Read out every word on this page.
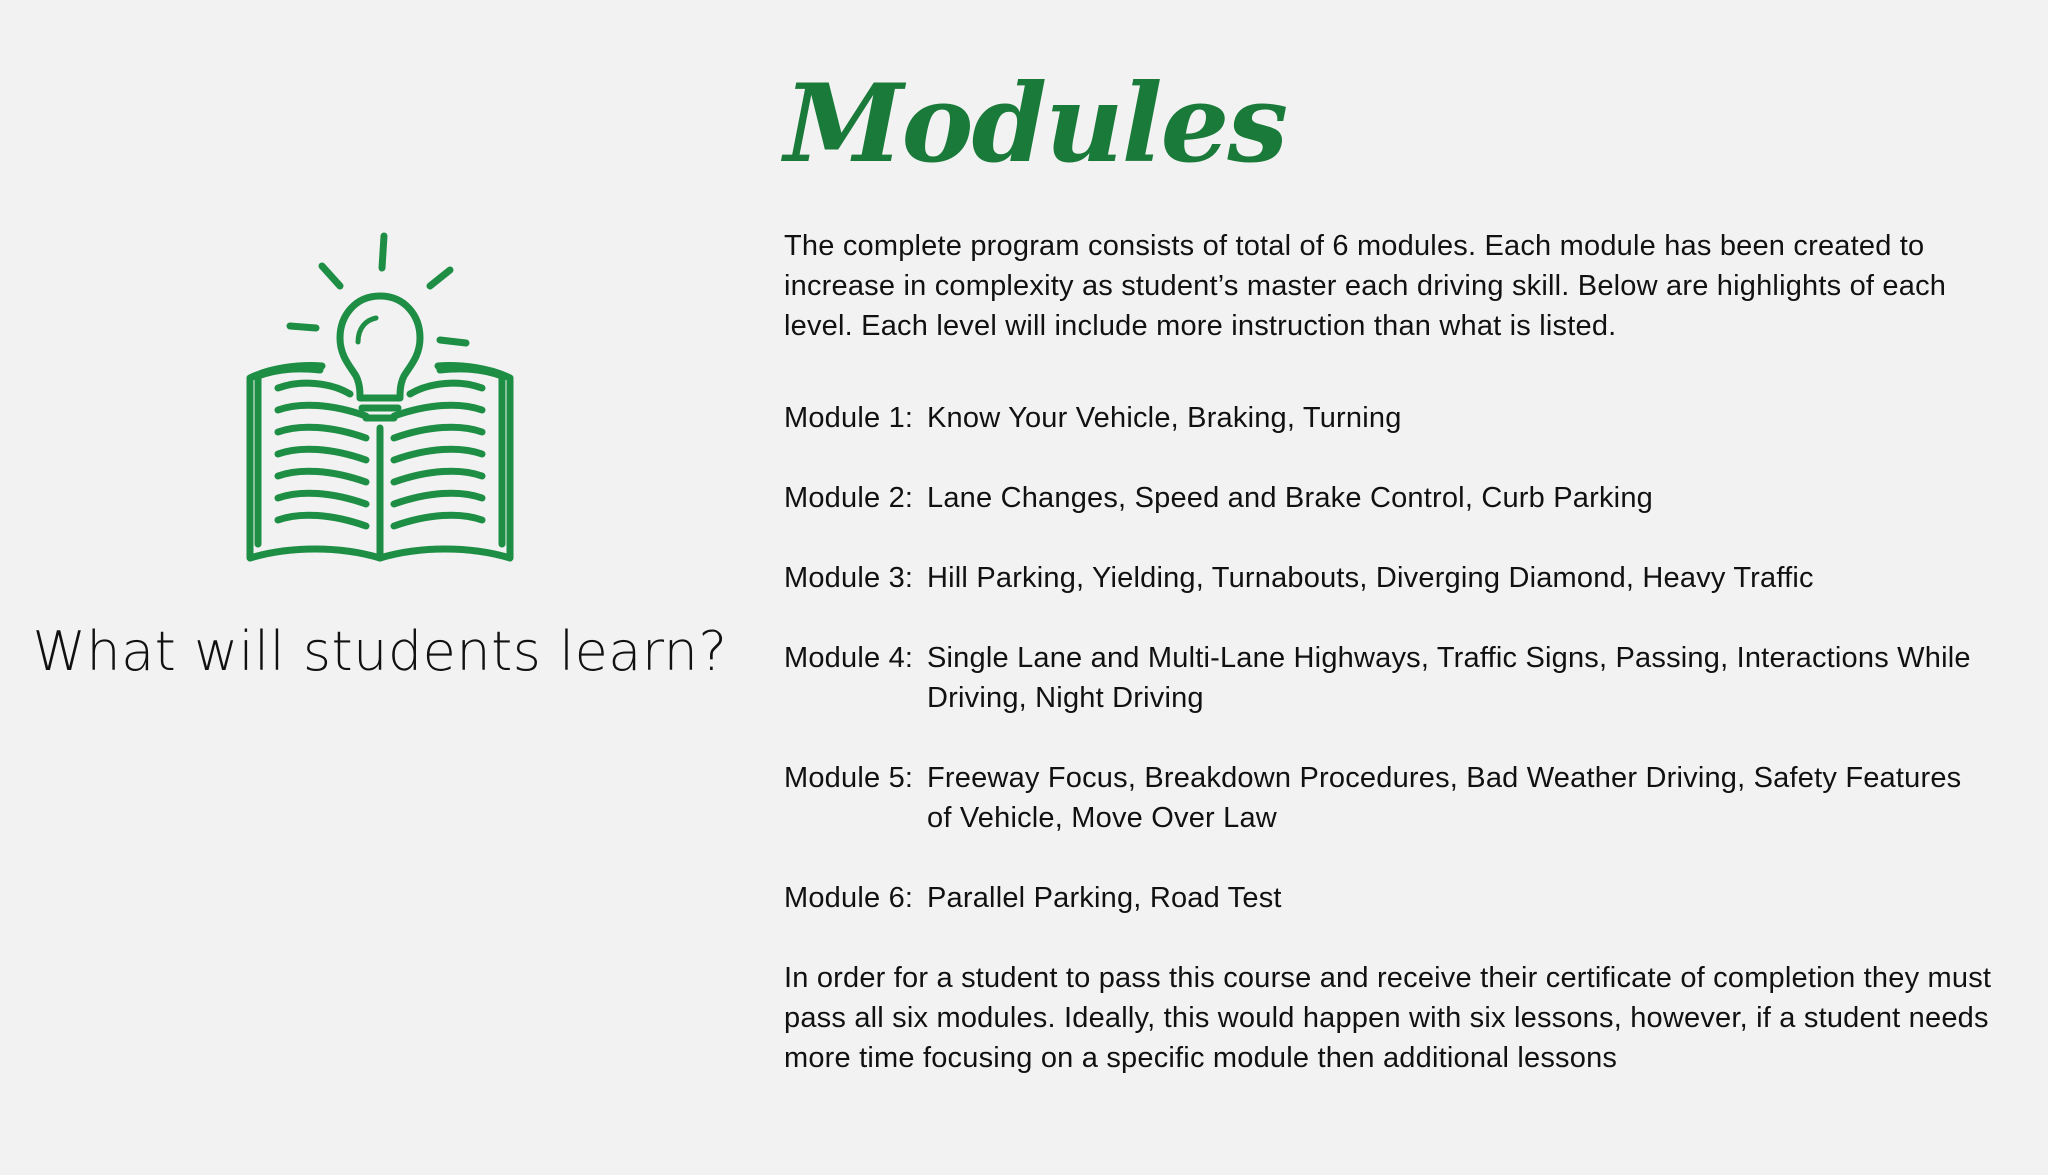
What will students learn?
Modules

The complete program consists of total of 6 modules. Each module has been created to increase in complexity as student’s master each driving skill. Below are highlights of each level. Each level will include more instruction than what is listed.

Module 1: Know Your Vehicle, Braking, Turning
Module 2: Lane Changes, Speed and Brake Control, Curb Parking
Module 3: Hill Parking, Yielding, Turnabouts, Diverging Diamond, Heavy Traffic
Module 4: Single Lane and Multi-Lane Highways, Traffic Signs, Passing, Interactions While Driving, Night Driving
Module 5: Freeway Focus, Breakdown Procedures, Bad Weather Driving, Safety Features of Vehicle, Move Over Law
Module 6: Parallel Parking, Road Test

In order for a student to pass this course and receive their certificate of completion they must pass all six modules. Ideally, this would happen with six lessons, however, if a student needs more time focusing on a specific module then additional lessons
